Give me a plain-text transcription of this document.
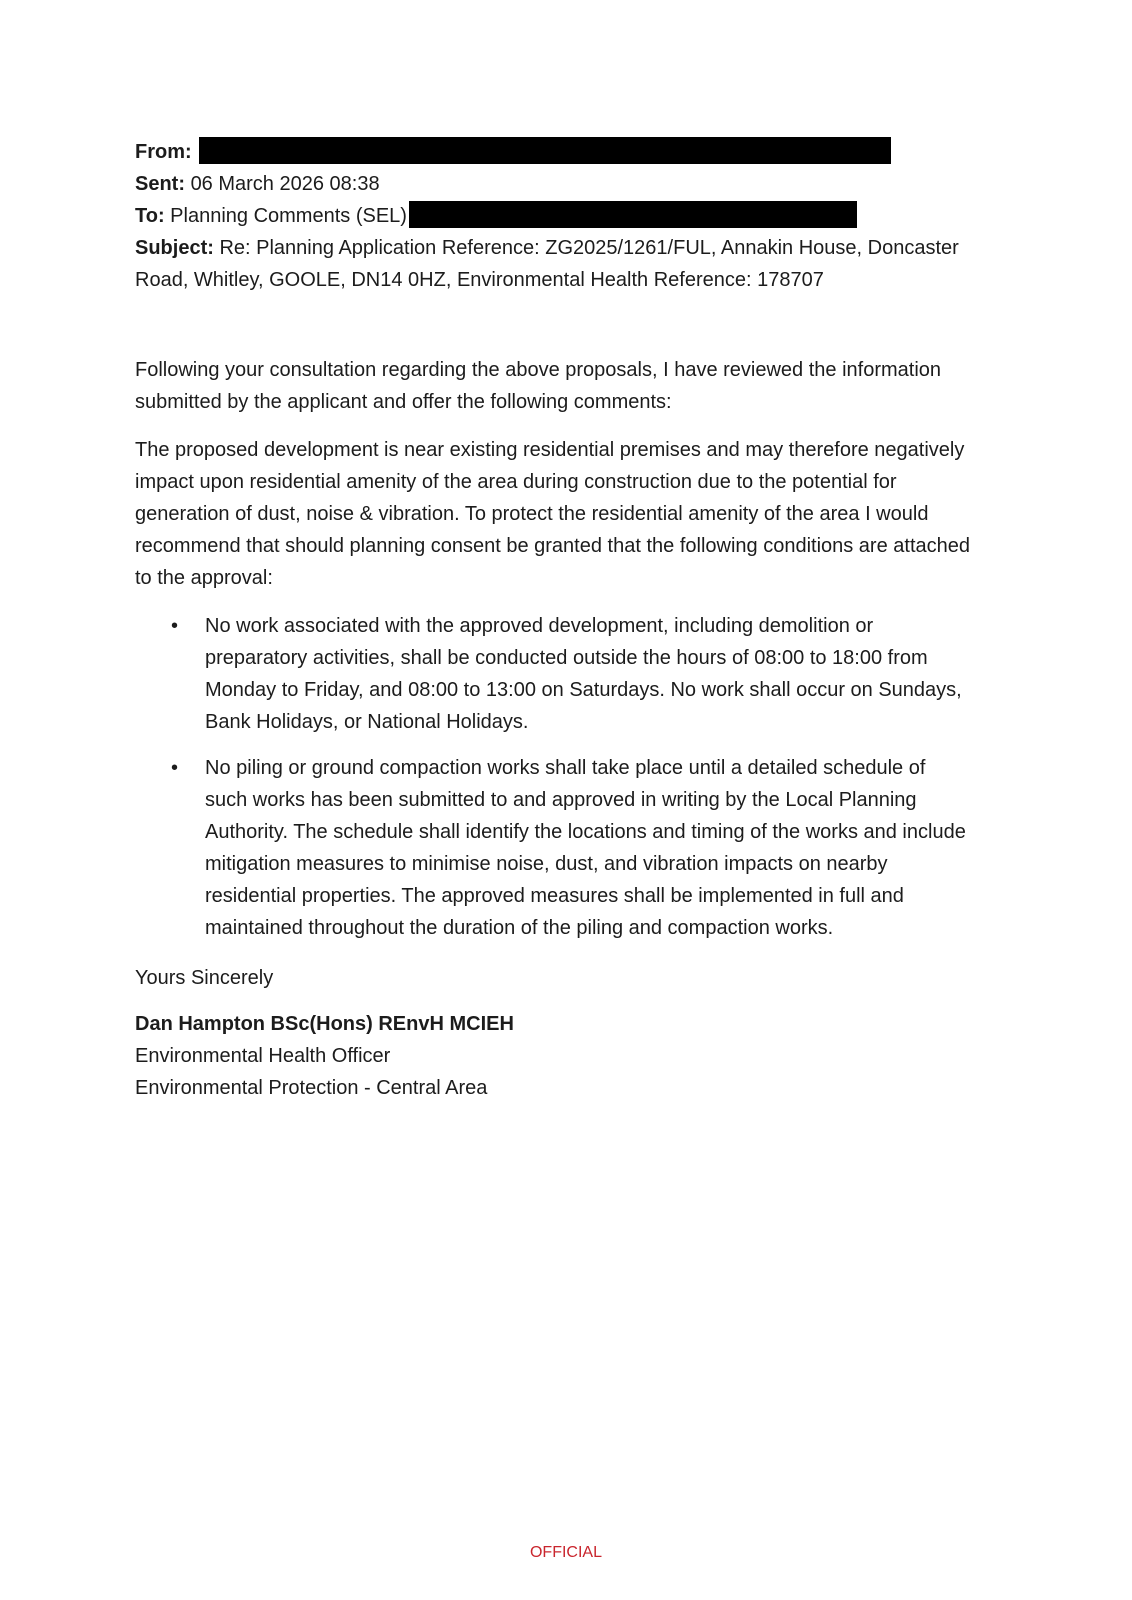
From:

Sent: 06 March 2026 08:38

To: Planning Comments (SEL)

Subject: Re: Planning Application Reference: ZG2025/1261/FUL, Annakin House, Doncaster Road, Whitley, GOOLE, DN14 0HZ, Environmental Health Reference: 178707

Following your consultation regarding the above proposals, I have reviewed the information submitted by the applicant and offer the following comments:

The proposed development is near existing residential premises and may therefore negatively impact upon residential amenity of the area during construction due to the potential for generation of dust, noise & vibration. To protect the residential amenity of the area I would recommend that should planning consent be granted that the following conditions are attached to the approval:

• No work associated with the approved development, including demolition or preparatory activities, shall be conducted outside the hours of 08:00 to 18:00 from Monday to Friday, and 08:00 to 13:00 on Saturdays. No work shall occur on Sundays, Bank Holidays, or National Holidays.
• No piling or ground compaction works shall take place until a detailed schedule of such works has been submitted to and approved in writing by the Local Planning Authority. The schedule shall identify the locations and timing of the works and include mitigation measures to minimise noise, dust, and vibration impacts on nearby residential properties. The approved measures shall be implemented in full and maintained throughout the duration of the piling and compaction works.

Yours Sincerely

Dan Hampton BSc(Hons) REnvH MCIEH

Environmental Health Officer

Environmental Protection - Central Area

OFFICIAL
